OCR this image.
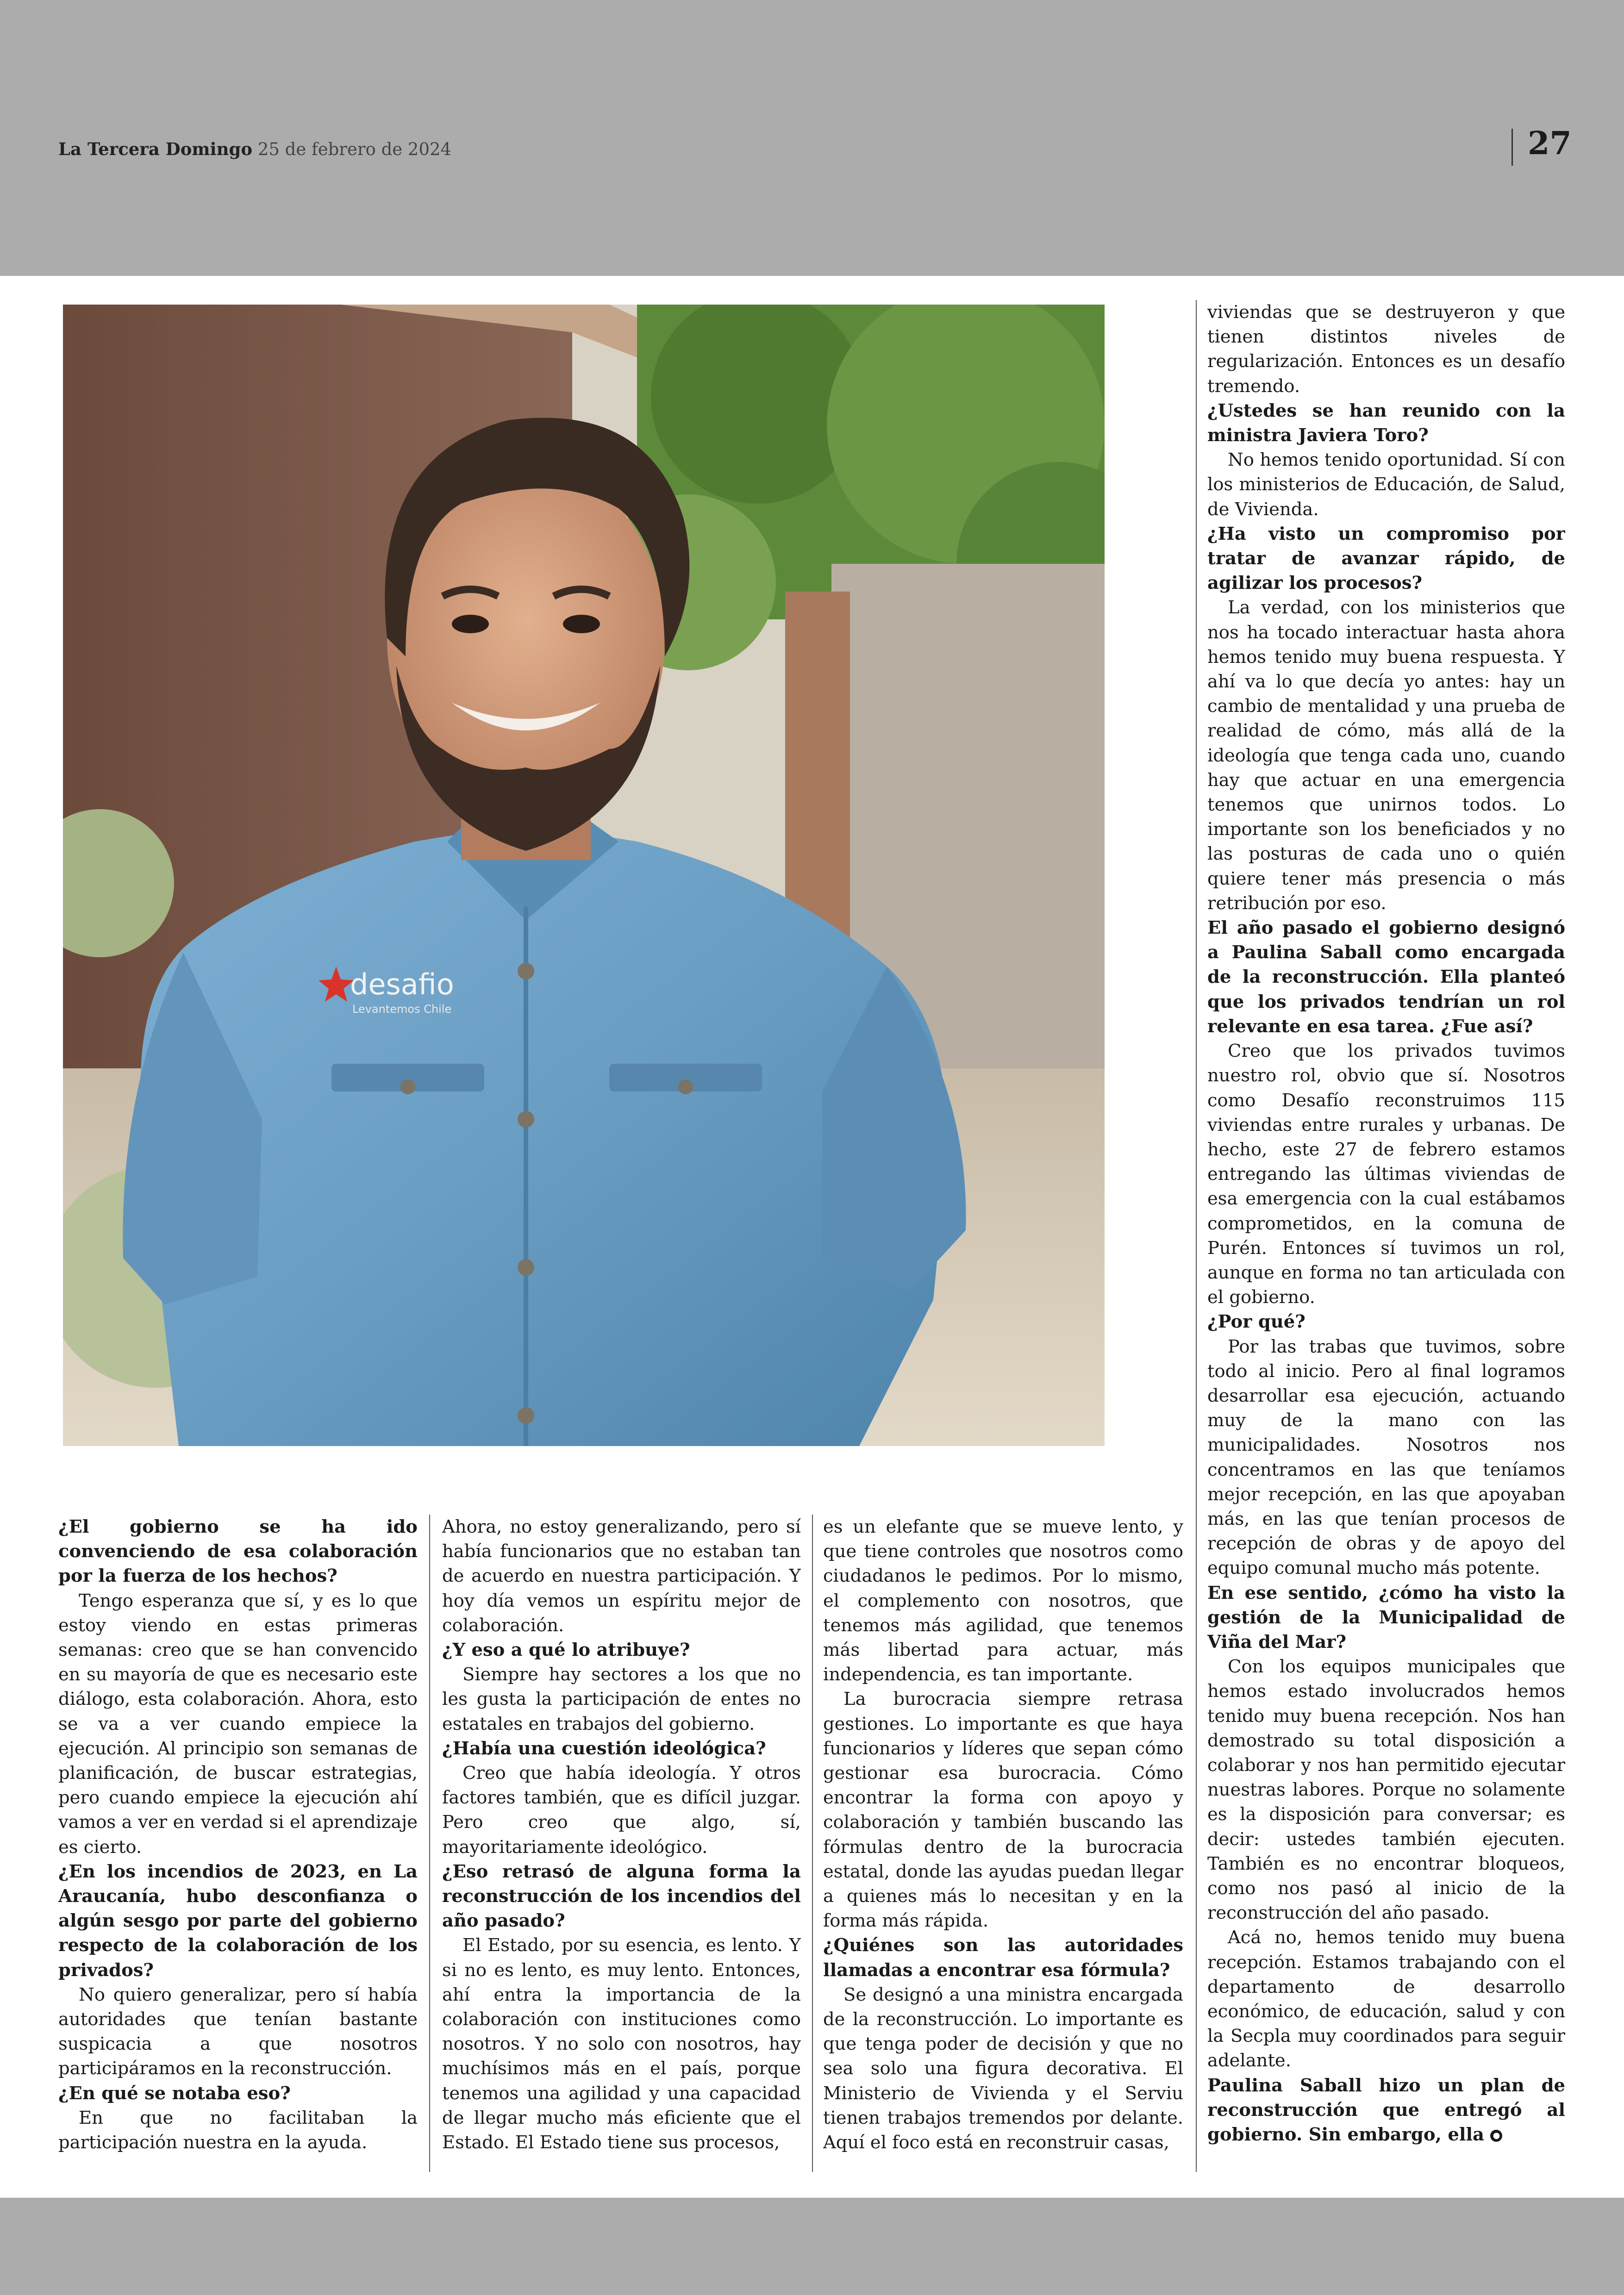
La Tercera Domingo 25 de febrero de 2024	27
desafio
Levantemos Chile

¿El gobierno se ha ido convenciendo de esa colaboración por la fuerza de los hechos?

Tengo esperanza que sí, y es lo que estoy viendo en estas primeras semanas: creo que se han convencido en su mayoría de que es necesario este diálogo, esta colaboración. Ahora, esto se va a ver cuando empiece la ejecución. Al principio son semanas de planificación, de buscar estrategias, pero cuando empiece la ejecución ahí vamos a ver en verdad si el aprendizaje es cierto.

¿En los incendios de 2023, en La Araucanía, hubo desconfianza o algún sesgo por parte del gobierno respecto de la colaboración de los privados?

No quiero generalizar, pero sí había autoridades que tenían bastante suspicacia a que nosotros participáramos en la reconstrucción.

¿En qué se notaba eso?

En que no facilitaban la participación nuestra en la ayuda.

Ahora, no estoy generalizando, pero sí había funcionarios que no estaban tan de acuerdo en nuestra participación. Y hoy día vemos un espíritu mejor de colaboración.

¿Y eso a qué lo atribuye?

Siempre hay sectores a los que no les gusta la participación de entes no estatales en trabajos del gobierno.

¿Había una cuestión ideológica?

Creo que había ideología. Y otros factores también, que es difícil juzgar. Pero creo que algo, sí, mayoritariamente ideológico.

¿Eso retrasó de alguna forma la reconstrucción de los incendios del año pasado?

El Estado, por su esencia, es lento. Y si no es lento, es muy lento. Entonces, ahí entra la importancia de la colaboración con instituciones como nosotros. Y no solo con nosotros, hay muchísimos más en el país, porque tenemos una agilidad y una capacidad de llegar mucho más eficiente que el Estado. El Estado tiene sus procesos,

es un elefante que se mueve lento, y que tiene controles que nosotros como ciudadanos le pedimos. Por lo mismo, el complemento con nosotros, que tenemos más agilidad, que tenemos más libertad para actuar, más independencia, es tan importante.

La burocracia siempre retrasa gestiones. Lo importante es que haya funcionarios y líderes que sepan cómo gestionar esa burocracia. Cómo encontrar la forma con apoyo y colaboración y también buscando las fórmulas dentro de la burocracia estatal, donde las ayudas puedan llegar a quienes más lo necesitan y en la forma más rápida.

¿Quiénes son las autoridades llamadas a encontrar esa fórmula?

Se designó a una ministra encargada de la reconstrucción. Lo importante es que tenga poder de decisión y que no sea solo una figura decorativa. El Ministerio de Vivienda y el Serviu tienen trabajos tremendos por delante. Aquí el foco está en reconstruir casas,

viviendas que se destruyeron y que tienen distintos niveles de regularización. Entonces es un desafío tremendo.

¿Ustedes se han reunido con la ministra Javiera Toro?

No hemos tenido oportunidad. Sí con los ministerios de Educación, de Salud, de Vivienda.

¿Ha visto un compromiso por tratar de avanzar rápido, de agilizar los procesos?

La verdad, con los ministerios que nos ha tocado interactuar hasta ahora hemos tenido muy buena respuesta. Y ahí va lo que decía yo antes: hay un cambio de mentalidad y una prueba de realidad de cómo, más allá de la ideología que tenga cada uno, cuando hay que actuar en una emergencia tenemos que unirnos todos. Lo importante son los beneficiados y no las posturas de cada uno o quién quiere tener más presencia o más retribución por eso.

El año pasado el gobierno designó a Paulina Saball como encargada de la reconstrucción. Ella planteó que los privados tendrían un rol relevante en esa tarea. ¿Fue así?

Creo que los privados tuvimos nuestro rol, obvio que sí. Nosotros como Desafío reconstruimos 115 viviendas entre rurales y urbanas. De hecho, este 27 de febrero estamos entregando las últimas viviendas de esa emergencia con la cual estábamos comprometidos, en la comuna de Purén. Entonces sí tuvimos un rol, aunque en forma no tan articulada con el gobierno.

¿Por qué?

Por las trabas que tuvimos, sobre todo al inicio. Pero al final logramos desarrollar esa ejecución, actuando muy de la mano con las municipalidades. Nosotros nos concentramos en las que teníamos mejor recepción, en las que apoyaban más, en las que tenían procesos de recepción de obras y de apoyo del equipo comunal mucho más potente.

En ese sentido, ¿cómo ha visto la gestión de la Municipalidad de Viña del Mar?

Con los equipos municipales que hemos estado involucrados hemos tenido muy buena recepción. Nos han demostrado su total disposición a colaborar y nos han permitido ejecutar nuestras labores. Porque no solamente es la disposición para conversar; es decir: ustedes también ejecuten. También es no encontrar bloqueos, como nos pasó al inicio de la reconstrucción del año pasado.

Acá no, hemos tenido muy buena recepción. Estamos trabajando con el departamento de desarrollo económico, de educación, salud y con la Secpla muy coordinados para seguir adelante.

Paulina Saball hizo un plan de reconstrucción que entregó al gobierno. Sin embargo, ella ●
